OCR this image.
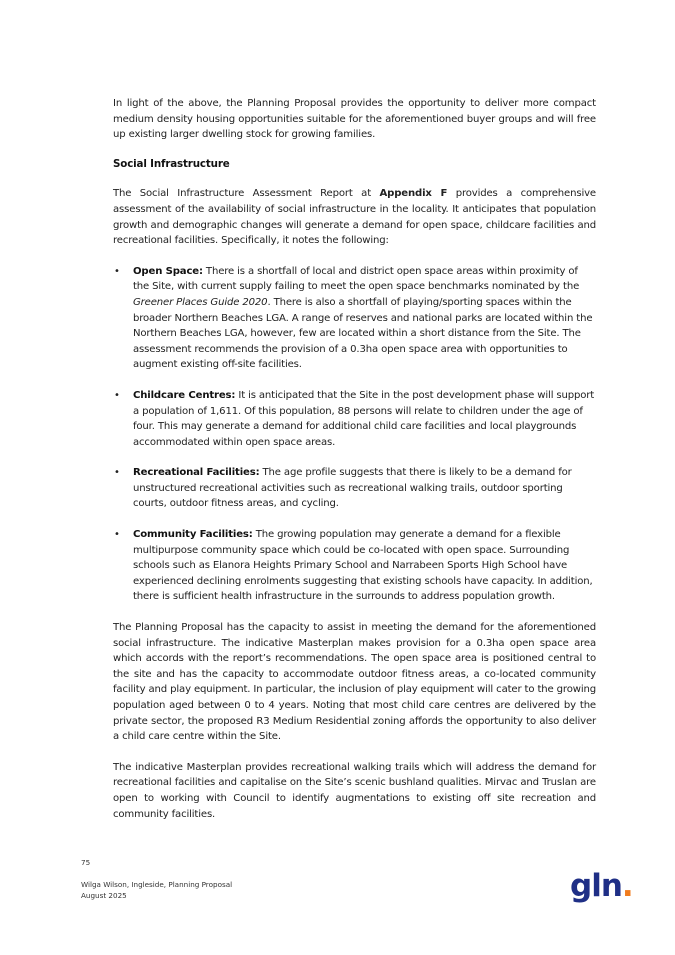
In light of the above, the Planning Proposal provides the opportunity to deliver more compact medium density housing opportunities suitable for the aforementioned buyer groups and will free up existing larger dwelling stock for growing families.

Social Infrastructure

The Social Infrastructure Assessment Report at Appendix F provides a comprehensive assessment of the availability of social infrastructure in the locality. It anticipates that population growth and demographic changes will generate a demand for open space, childcare facilities and recreational facilities. Specifically, it notes the following:

• Open Space: There is a shortfall of local and district open space areas within proximity of the Site, with current supply failing to meet the open space benchmarks nominated by the Greener Places Guide 2020. There is also a shortfall of playing/sporting spaces within the broader Northern Beaches LGA. A range of reserves and national parks are located within the Northern Beaches LGA, however, few are located within a short distance from the Site. The assessment recommends the provision of a 0.3ha open space area with opportunities to augment existing off-site facilities.
• Childcare Centres: It is anticipated that the Site in the post development phase will support a population of 1,611. Of this population, 88 persons will relate to children under the age of four. This may generate a demand for additional child care facilities and local playgrounds accommodated within open space areas.
• Recreational Facilities: The age profile suggests that there is likely to be a demand for unstructured recreational activities such as recreational walking trails, outdoor sporting courts, outdoor fitness areas, and cycling.
• Community Facilities: The growing population may generate a demand for a flexible multipurpose community space which could be co-located with open space. Surrounding schools such as Elanora Heights Primary School and Narrabeen Sports High School have experienced declining enrolments suggesting that existing schools have capacity. In addition, there is sufficient health infrastructure in the surrounds to address population growth.

The Planning Proposal has the capacity to assist in meeting the demand for the aforementioned social infrastructure. The indicative Masterplan makes provision for a 0.3ha open space area which accords with the report’s recommendations. The open space area is positioned central to the site and has the capacity to accommodate outdoor fitness areas, a co-located community facility and play equipment. In particular, the inclusion of play equipment will cater to the growing population aged between 0 to 4 years. Noting that most child care centres are delivered by the private sector, the proposed R3 Medium Residential zoning affords the opportunity to also deliver a child care centre within the Site.

The indicative Masterplan provides recreational walking trails which will address the demand for recreational facilities and capitalise on the Site’s scenic bushland qualities. Mirvac and Truslan are open to working with Council to identify augmentations to existing off site recreation and community facilities.

75
Wilga Wilson, Ingleside, Planning Proposal
August 2025	gln.
